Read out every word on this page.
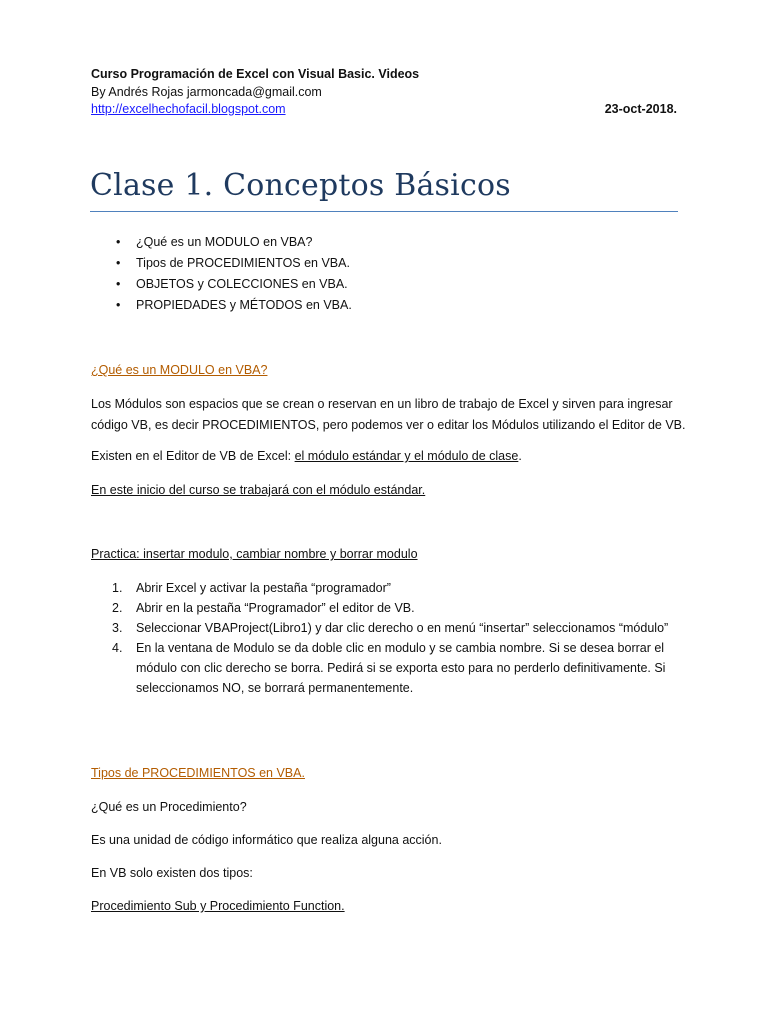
Curso Programación de Excel con Visual Basic. Videos
By Andrés Rojas jarmoncada@gmail.com
http://excelhechofacil.blogspot.com	23-oct-2018.
Clase 1. Conceptos Básicos
• ¿Qué es un MODULO en VBA?
• Tipos de PROCEDIMIENTOS en VBA.
• OBJETOS y COLECCIONES en VBA.
• PROPIEDADES y MÉTODOS en VBA.
¿Qué es un MODULO en VBA?

Los Módulos son espacios que se crean o reservan en un libro de trabajo de Excel y sirven para ingresar código VB, es decir PROCEDIMIENTOS, pero podemos ver o editar los Módulos utilizando el Editor de VB.

Existen en el Editor de VB de Excel: el módulo estándar y el módulo de clase.

En este inicio del curso se trabajará con el módulo estándar.

Practica: insertar modulo, cambiar nombre y borrar modulo

1. Abrir Excel y activar la pestaña “programador”
2. Abrir en la pestaña “Programador” el editor de VB.
3. Seleccionar VBAProject(Libro1) y dar clic derecho o en menú “insertar” seleccionamos “módulo”
4. En la ventana de Modulo se da doble clic en modulo y se cambia nombre. Si se desea borrar el módulo con clic derecho se borra. Pedirá si se exporta esto para no perderlo definitivamente. Si seleccionamos NO, se borrará permanentemente.
Tipos de PROCEDIMIENTOS en VBA.

¿Qué es un Procedimiento?

Es una unidad de código informático que realiza alguna acción.

En VB solo existen dos tipos:

Procedimiento Sub y Procedimiento Function.
